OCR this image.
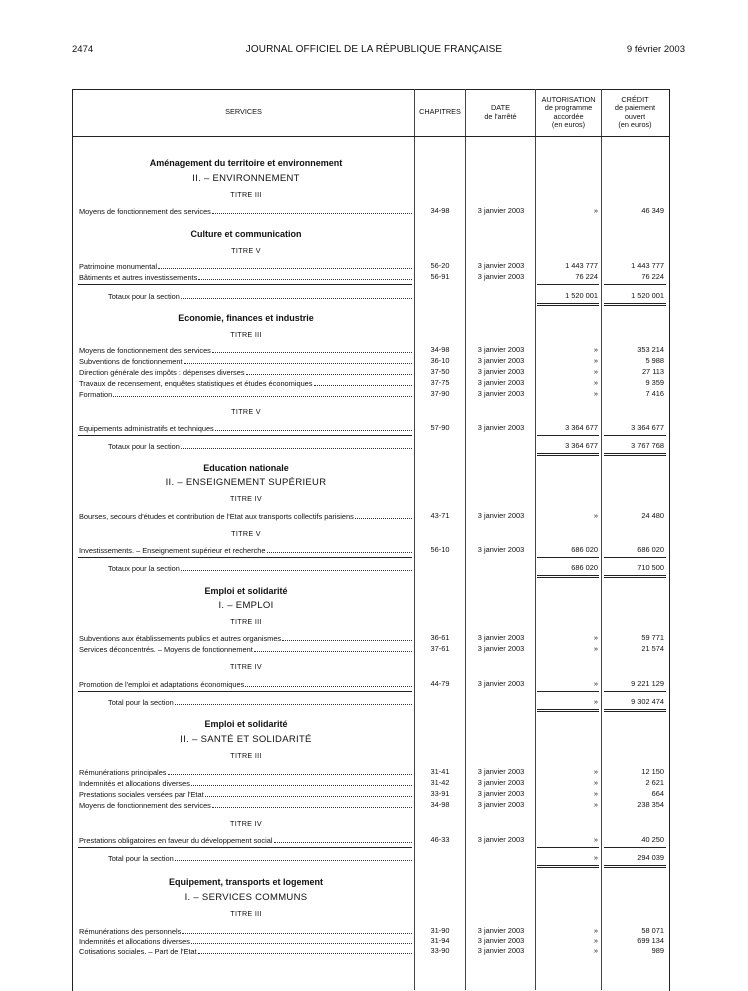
2474	JOURNAL OFFICIEL DE LA RÉPUBLIQUE FRANÇAISE	9 février 2003
SERVICES	CHAPITRES	DATE
de l'arrêté
AUTORISATION
de programme
accordée
(en euros)
CRÉDIT
de paiement
ouvert
(en euros)
Aménagement du territoire et environnement
II. – ENVIRONNEMENT
TITRE III
Moyens de fonctionnement des services	34-98	3 janvier 2003	»	46 349
Culture et communication
TITRE V
Patrimoine monumental	56-20	3 janvier 2003	1 443 777	1 443 777
Bâtiments et autres investissements	56-91	3 janvier 2003	76 224	76 224
Totaux pour la section	1 520 001	1 520 001
Economie, finances et industrie
TITRE III
Moyens de fonctionnement des services	34-98	3 janvier 2003	»	353 214
Subventions de fonctionnement	36-10	3 janvier 2003	»	5 988
Direction générale des impôts : dépenses diverses	37-50	3 janvier 2003	»	27 113
Travaux de recensement, enquêtes statistiques et études économiques	37-75	3 janvier 2003	»	9 359
Formation	37-90	3 janvier 2003	»	7 416
TITRE V
Equipements administratifs et techniques	57-90	3 janvier 2003	3 364 677	3 364 677
Totaux pour la section	3 364 677	3 767 768
Education nationale
II. – ENSEIGNEMENT SUPÉRIEUR
TITRE IV
Bourses, secours d'études et contribution de l'Etat aux transports collectifs parisiens	43-71	3 janvier 2003	»	24 480
TITRE V
Investissements. – Enseignement supérieur et recherche	56-10	3 janvier 2003	686 020	686 020
Totaux pour la section	686 020	710 500
Emploi et solidarité
I. – EMPLOI
TITRE III
Subventions aux établissements publics et autres organismes	36-61	3 janvier 2003	»	59 771
Services déconcentrés. – Moyens de fonctionnement	37-61	3 janvier 2003	»	21 574
TITRE IV
Promotion de l'emploi et adaptations économiques	44-79	3 janvier 2003	»	9 221 129
Total pour la section	»	9 302 474
Emploi et solidarité
II. – SANTÉ ET SOLIDARITÉ
TITRE III
Rémunérations principales	31-41	3 janvier 2003	»	12 150
Indemnités et allocations diverses	31-42	3 janvier 2003	»	2 621
Prestations sociales versées par l'Etat	33-91	3 janvier 2003	»	664
Moyens de fonctionnement des services	34-98	3 janvier 2003	»	238 354
TITRE IV
Prestations obligatoires en faveur du développement social	46-33	3 janvier 2003	»	40 250
Total pour la section	»	294 039
Equipement, transports et logement
I. – SERVICES COMMUNS
TITRE III
Rémunérations des personnels	31-90	3 janvier 2003	»	58 071
Indemnités et allocations diverses	31-94	3 janvier 2003	»	699 134
Cotisations sociales. – Part de l'Etat	33-90	3 janvier 2003	»	989
